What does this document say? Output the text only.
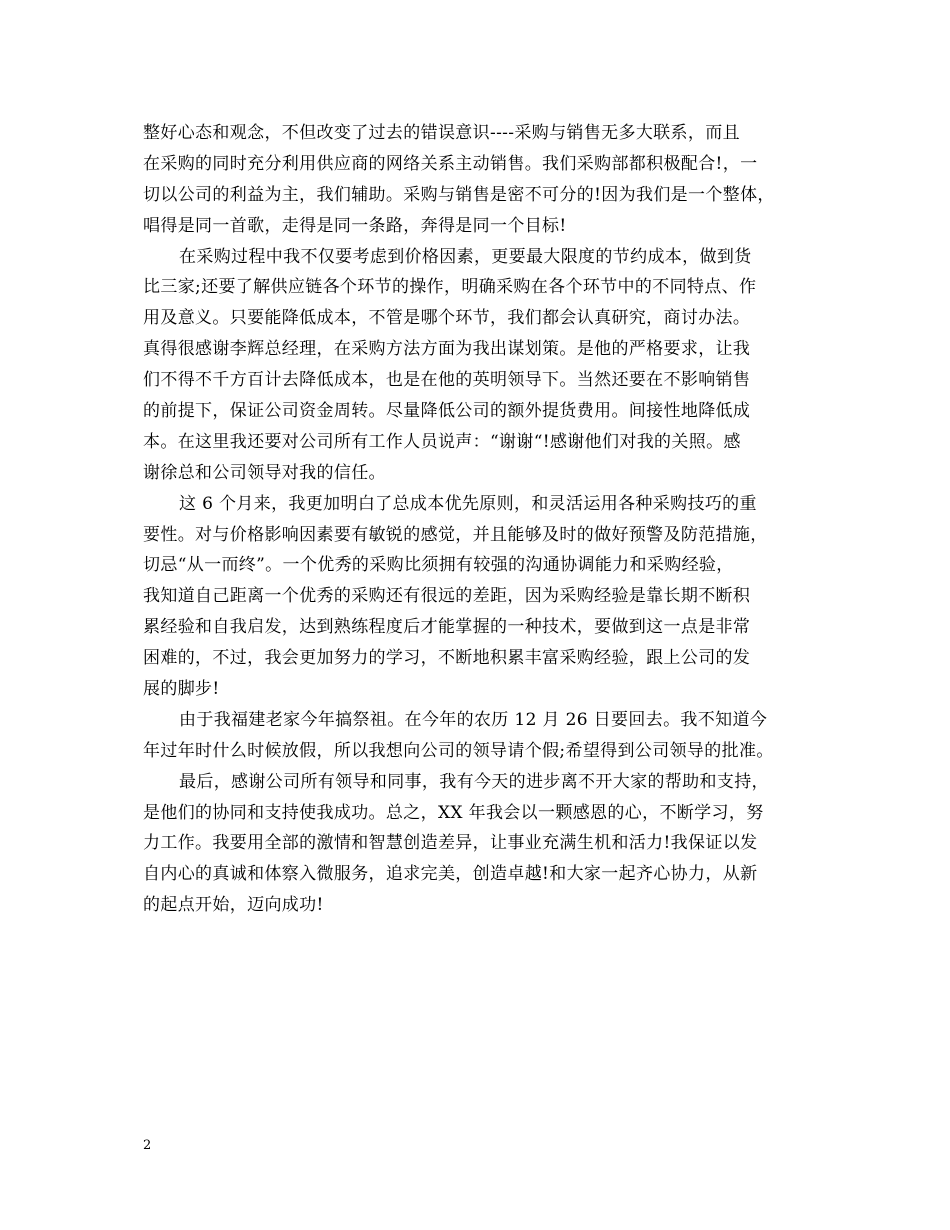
整好心态和观念，不但改变了过去的错误意识----采购与销售无多大联系，而且
在采购的同时充分利用供应商的网络关系主动销售。我们采购部都积极配合!，一
切以公司的利益为主，我们辅助。采购与销售是密不可分的!因为我们是一个整体，
唱得是同一首歌，走得是同一条路，奔得是同一个目标!
在采购过程中我不仅要考虑到价格因素，更要最大限度的节约成本，做到货
比三家;还要了解供应链各个环节的操作，明确采购在各个环节中的不同特点、作
用及意义。只要能降低成本，不管是哪个环节，我们都会认真研究，商讨办法。
真得很感谢李辉总经理，在采购方法方面为我出谋划策。是他的严格要求，让我
们不得不千方百计去降低成本，也是在他的英明领导下。当然还要在不影响销售
的前提下，保证公司资金周转。尽量降低公司的额外提货费用。间接性地降低成
本。在这里我还要对公司所有工作人员说声：“谢谢“!感谢他们对我的关照。感
谢徐总和公司领导对我的信任。
这 6 个月来，我更加明白了总成本优先原则，和灵活运用各种采购技巧的重
要性。对与价格影响因素要有敏锐的感觉，并且能够及时的做好预警及防范措施，
切忌“从一而终”。一个优秀的采购比须拥有较强的沟通协调能力和采购经验，
我知道自己距离一个优秀的采购还有很远的差距，因为采购经验是靠长期不断积
累经验和自我启发，达到熟练程度后才能掌握的一种技术，要做到这一点是非常
困难的，不过，我会更加努力的学习，不断地积累丰富采购经验，跟上公司的发
展的脚步!
由于我福建老家今年搞祭祖。在今年的农历 12 月 26 日要回去。我不知道今
年过年时什么时候放假，所以我想向公司的领导请个假;希望得到公司领导的批准。
最后，感谢公司所有领导和同事，我有今天的进步离不开大家的帮助和支持，
是他们的协同和支持使我成功。总之，XX 年我会以一颗感恩的心，不断学习，努
力工作。我要用全部的激情和智慧创造差异，让事业充满生机和活力!我保证以发
自内心的真诚和体察入微服务，追求完美，创造卓越!和大家一起齐心协力，从新
的起点开始，迈向成功!
2
